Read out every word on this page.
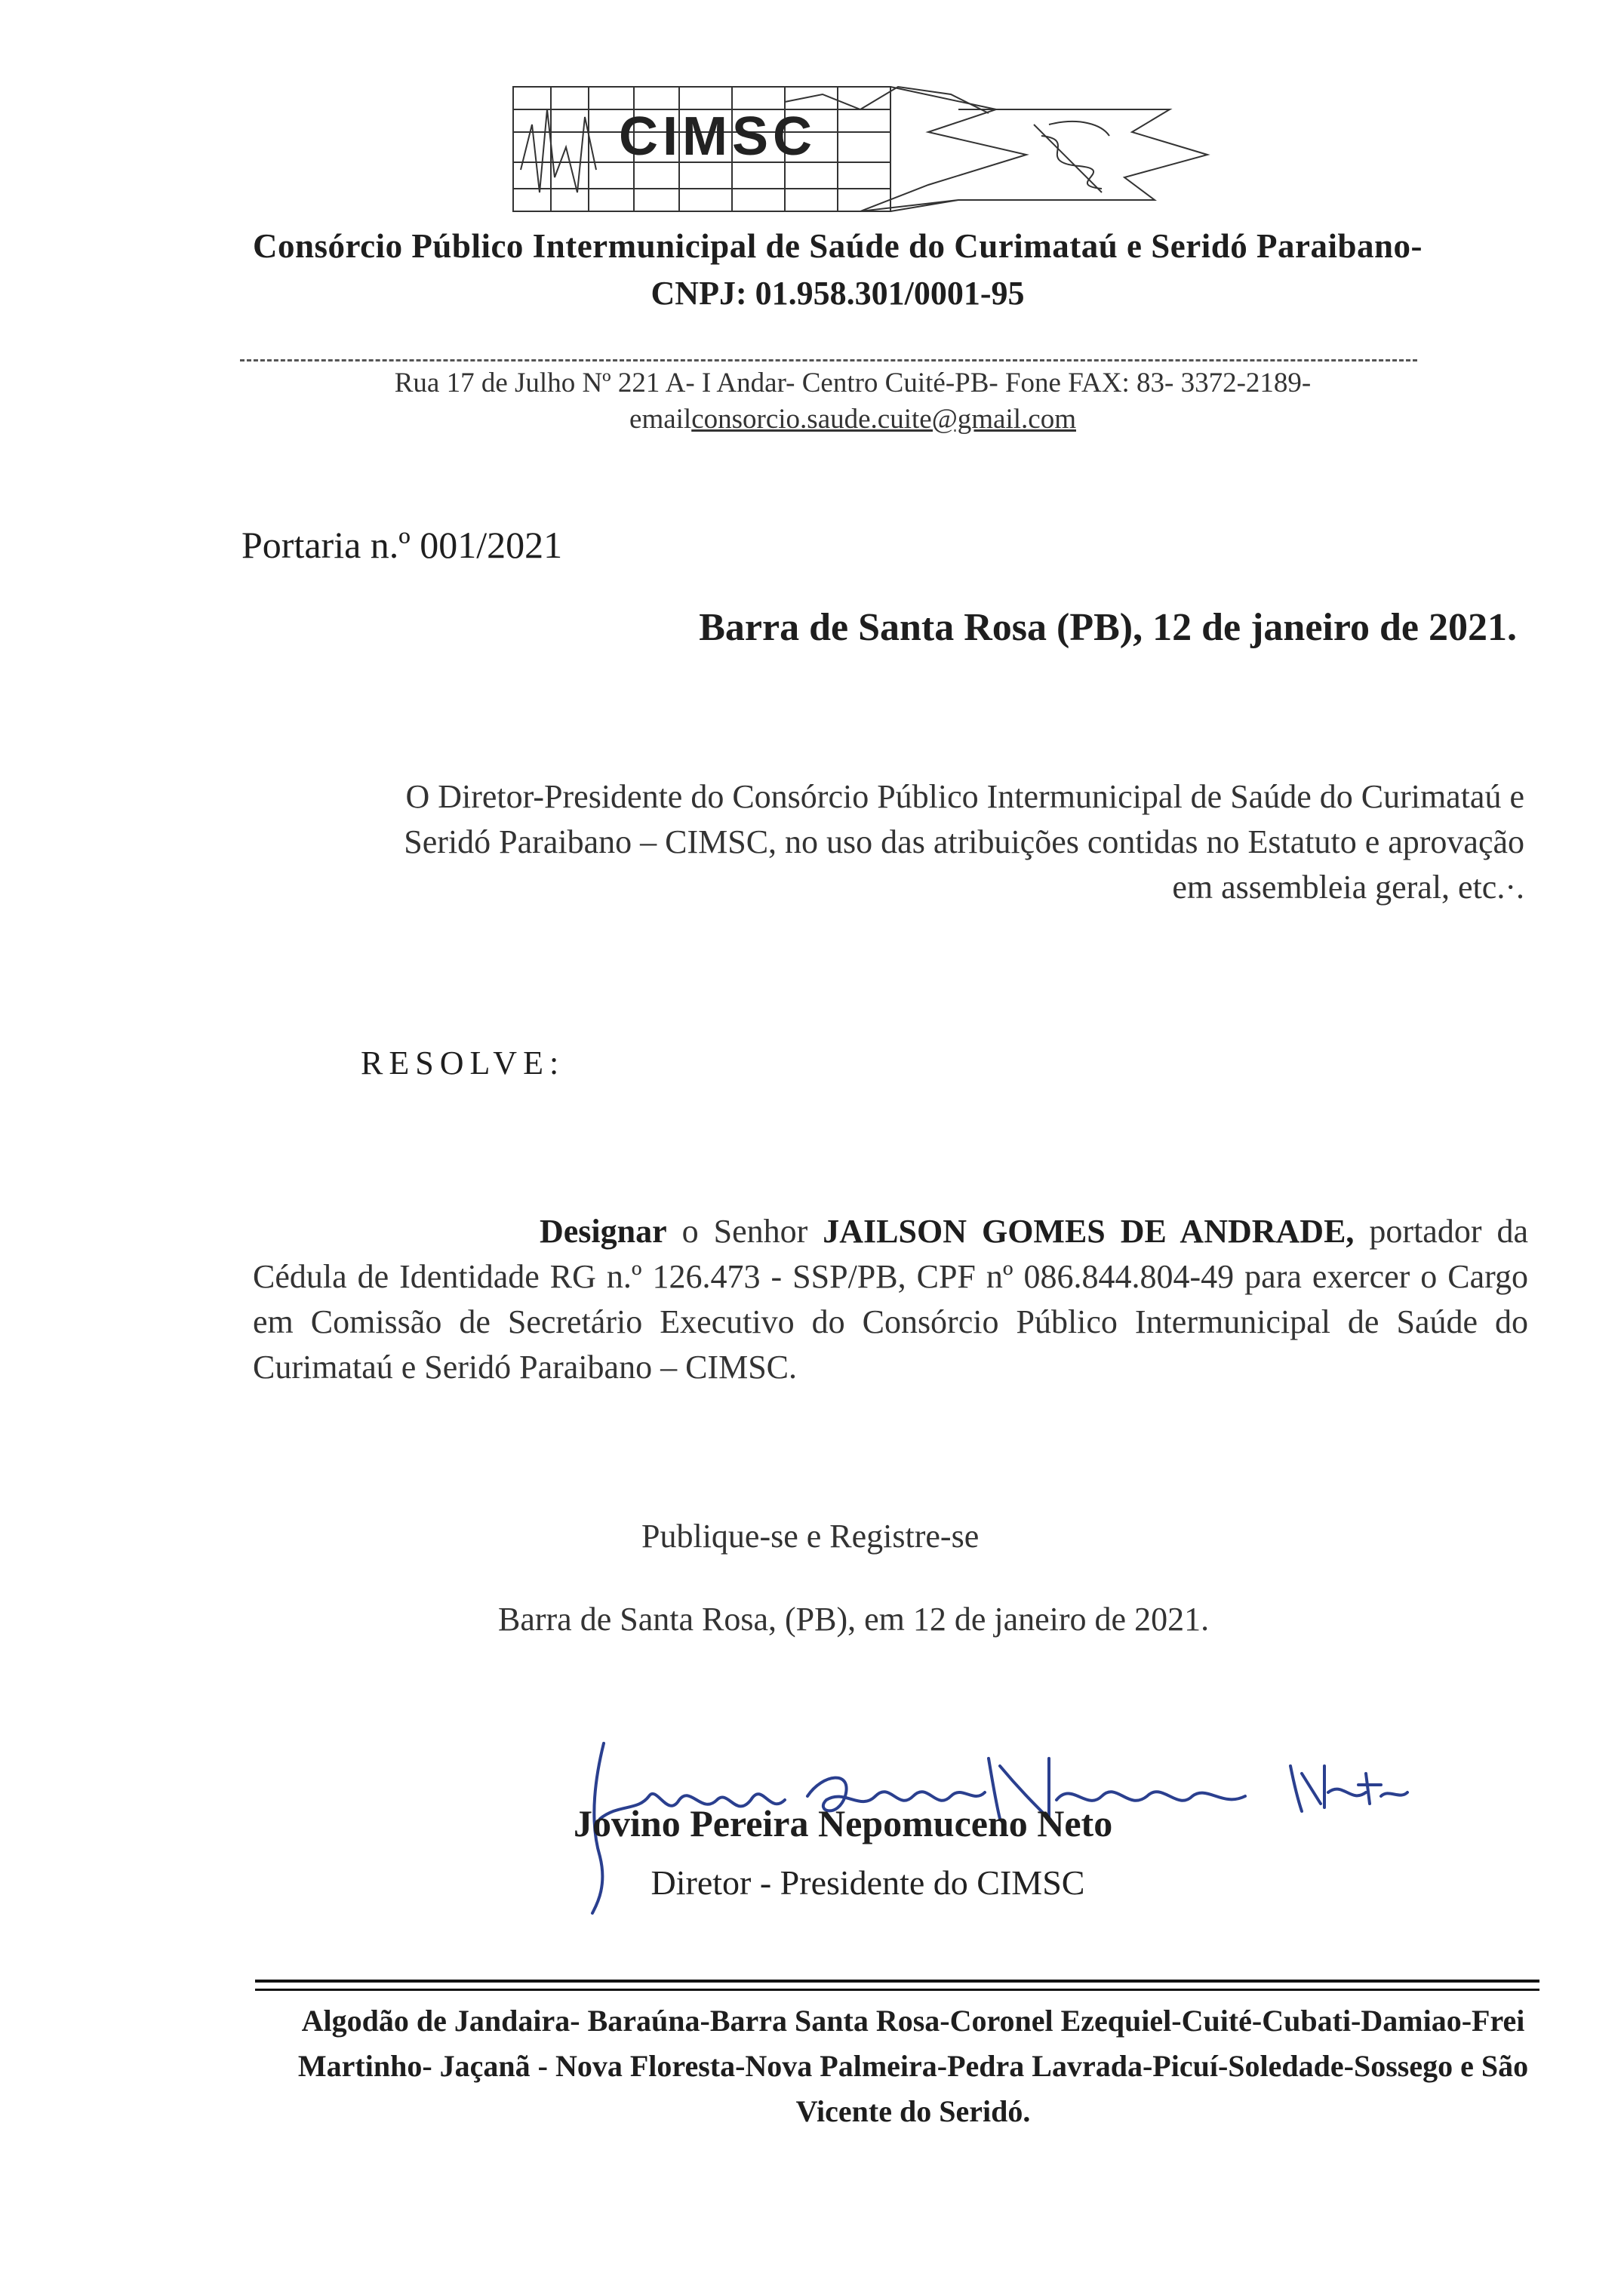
CIMSC
Consórcio Público Intermunicipal de Saúde do Curimataú e Seridó Paraibano-
CNPJ: 01.958.301/0001-95
Rua 17 de Julho Nº 221 A- I Andar- Centro Cuité-PB- Fone FAX: 83- 3372-2189-
emailconsorcio.saude.cuite@gmail.com
Portaria n.º 001/2021
Barra de Santa Rosa (PB), 12 de janeiro de 2021.
O Diretor-Presidente do Consórcio Público Intermunicipal de Saúde do Curimataú e Seridó Paraibano – CIMSC, no uso das atribuições contidas no Estatuto e aprovação em assembleia geral, etc.·.
RESOLVE:
Designar o Senhor JAILSON GOMES DE ANDRADE, portador da Cédula de Identidade RG n.º 126.473 - SSP/PB, CPF nº 086.844.804-49 para exercer o Cargo em Comissão de Secretário Executivo do Consórcio Público Intermunicipal de Saúde do Curimataú e Seridó Paraibano – CIMSC.
Publique-se e Registre-se
Barra de Santa Rosa, (PB), em 12 de janeiro de 2021.
Jovino Pereira Nepomuceno Neto
Diretor - Presidente do CIMSC
Algodão de Jandaira- Baraúna-Barra Santa Rosa-Coronel Ezequiel-Cuité-Cubati-Damiao-Frei Martinho- Jaçanã - Nova Floresta-Nova Palmeira-Pedra Lavrada-Picuí-Soledade-Sossego e São Vicente do Seridó.
